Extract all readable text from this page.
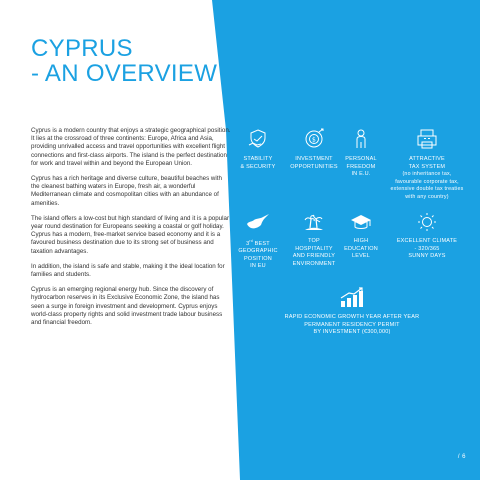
CYPRUS
- AN OVERVIEW

Cyprus is a modern country that enjoys a strategic geographical position. It lies at the crossroad of three continents: Europe, Africa and Asia, providing unrivalled access and travel opportunities with excellent flight connections and first-class airports. The island is the perfect destination for work and travel within and beyond the European Union.

Cyprus has a rich heritage and diverse culture, beautiful beaches with the cleanest bathing waters in Europe, fresh air, a wonderful Mediterranean climate and cosmopolitan cities with an abundance of amenities.

The island offers a low-cost but high standard of living and it is a popular year round destination for Europeans seeking a coastal or golf holiday. Cyprus has a modern, free-market service based economy and it is a favoured business destination due to its strong set of business and taxation advantages.

In addition, the island is safe and stable, making it the ideal location for families and students.

Cyprus is an emerging regional energy hub. Since the discovery of hydrocarbon reserves in its Exclusive Economic Zone, the island has seen a surge in foreign investment and development. Cyprus enjoys world-class property rights and solid investment trade labour business and financial freedom.

STABILITY
& SECURITY
$
INVESTMENT
OPPORTUNITIES
PERSONAL
FREEDOM
IN E.U.
ATTRACTIVE
TAX SYSTEM
(no inheritance tax,
favourable corporate tax,
extensive double tax treaties
with any country)
3rd BEST
GEOGRAPHIC
POSITION
IN EU
TOP
HOSPITALITY
AND FRIENDLY
ENVIRONMENT
HIGH
EDUCATION
LEVEL
EXCELLENT CLIMATE
- 320/365
SUNNY DAYS
RAPID ECONOMIC GROWTH YEAR AFTER YEAR
PERMANENT RESIDENCY PERMIT
BY INVESTMENT (€300,000)
/ 6
